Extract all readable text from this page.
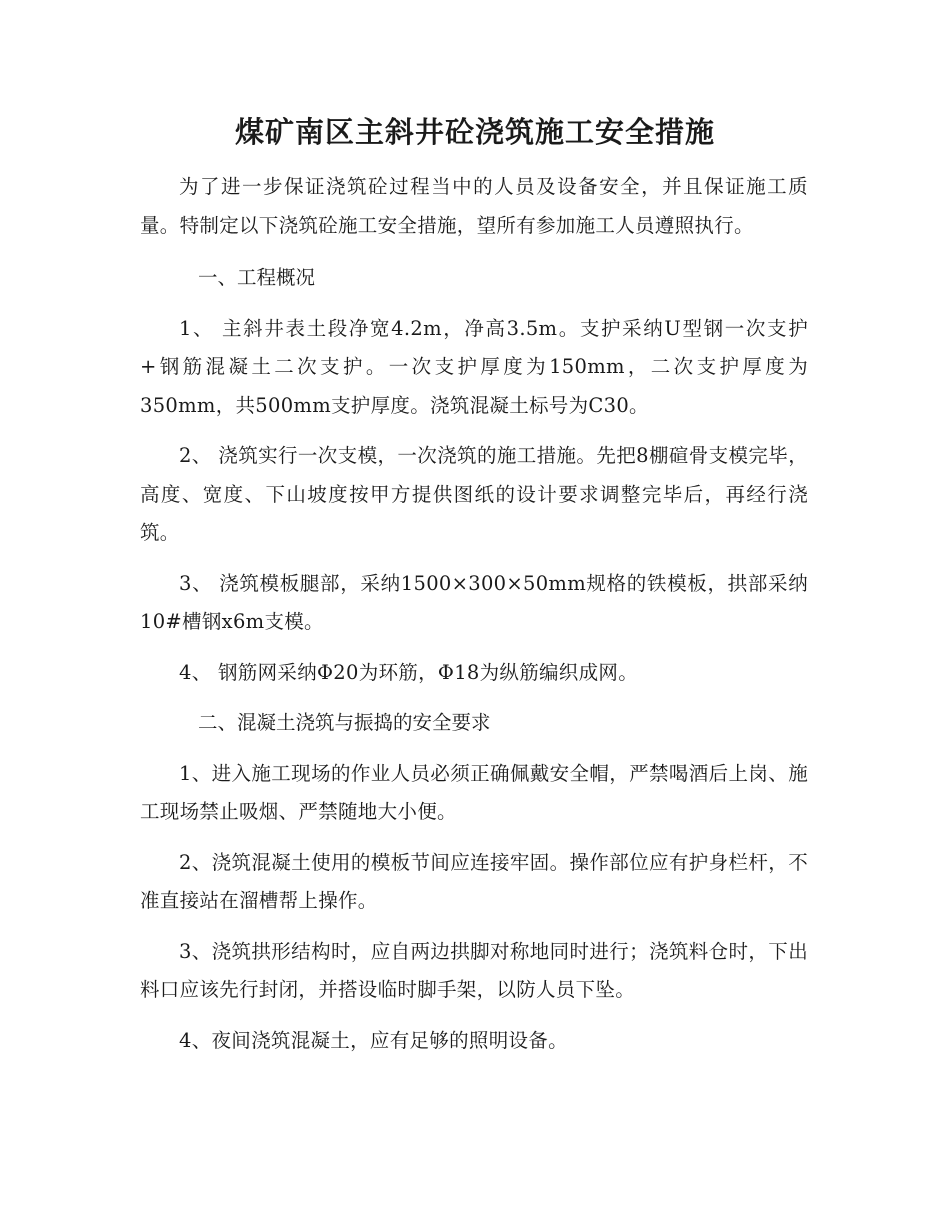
煤矿南区主斜井砼浇筑施工安全措施

为了进一步保证浇筑砼过程当中的人员及设备安全，并且保证施工质量。特制定以下浇筑砼施工安全措施，望所有参加施工人员遵照执行。

一、工程概况

1、 主斜井表土段净宽4.2m，净高3.5m。支护采纳U型钢一次支护+钢筋混凝土二次支护。一次支护厚度为150mm，二次支护厚度为350mm，共500mm支护厚度。浇筑混凝土标号为C30。

2、 浇筑实行一次支模，一次浇筑的施工措施。先把8棚碹骨支模完毕，高度、宽度、下山坡度按甲方提供图纸的设计要求调整完毕后，再经行浇筑。

3、 浇筑模板腿部，采纳1500×300×50mm规格的铁模板，拱部采纳10#槽钢x6m支模。

4、 钢筋网采纳Φ20为环筋，Φ18为纵筋编织成网。

二、混凝土浇筑与振捣的安全要求

1、进入施工现场的作业人员必须正确佩戴安全帽，严禁喝酒后上岗、施工现场禁止吸烟、严禁随地大小便。

2、浇筑混凝土使用的模板节间应连接牢固。操作部位应有护身栏杆，不准直接站在溜槽帮上操作。

3、浇筑拱形结构时，应自两边拱脚对称地同时进行；浇筑料仓时，下出料口应该先行封闭，并搭设临时脚手架，以防人员下坠。

4、夜间浇筑混凝土，应有足够的照明设备。
